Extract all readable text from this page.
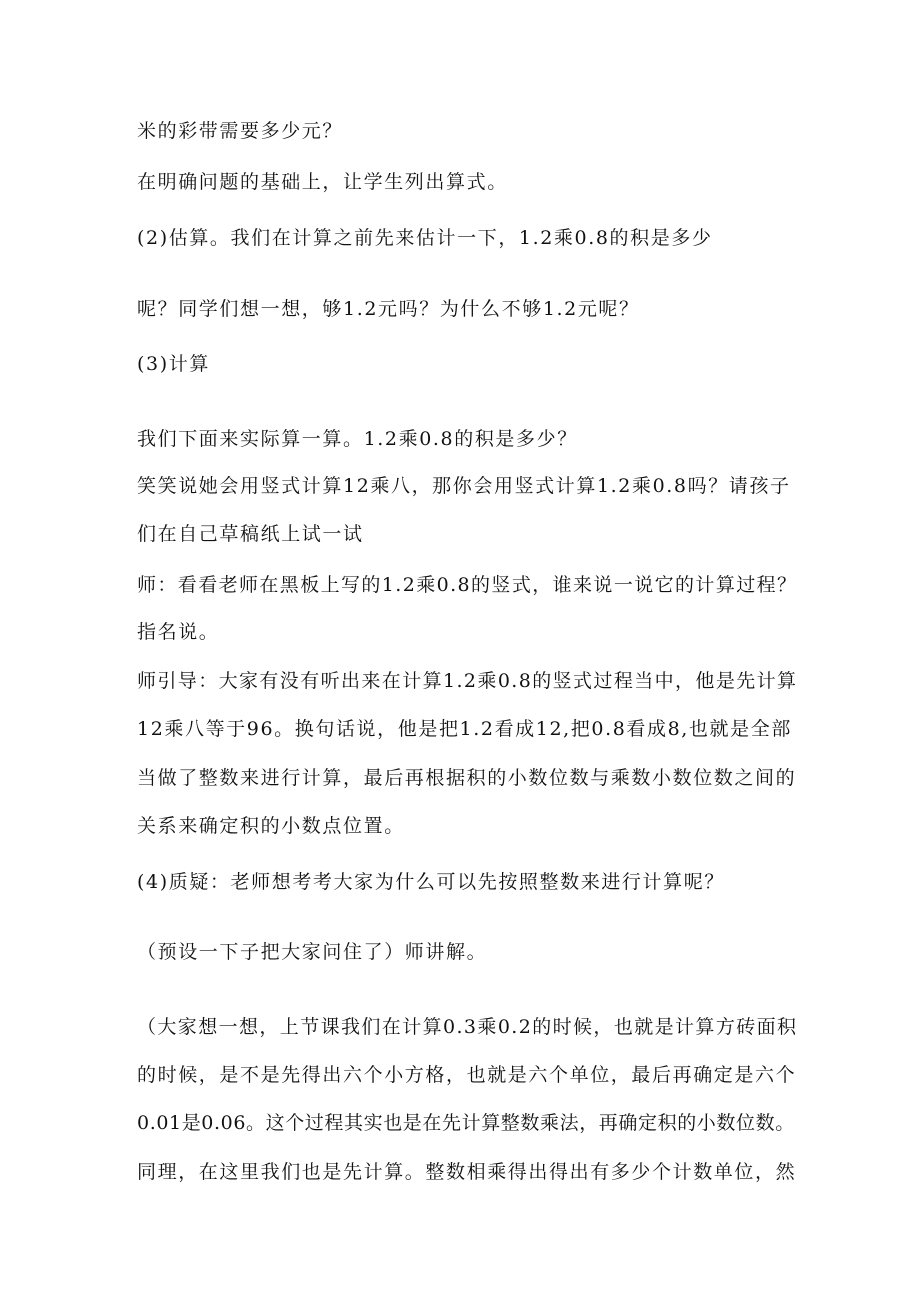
米的彩带需要多少元？
在明确问题的基础上，让学生列出算式。
(2)估算。我们在计算之前先来估计一下，1.2乘0.8的积是多少
呢？同学们想一想，够1.2元吗？为什么不够1.2元呢？
(3)计算
我们下面来实际算一算。1.2乘0.8的积是多少？
笑笑说她会用竖式计算12乘八，那你会用竖式计算1.2乘0.8吗？请孩子
们在自己草稿纸上试一试
师：看看老师在黑板上写的1.2乘0.8的竖式，谁来说一说它的计算过程？
指名说。
师引导：大家有没有听出来在计算1.2乘0.8的竖式过程当中，他是先计算
12乘八等于96。换句话说，他是把1.2看成12,把0.8看成8,也就是全部
当做了整数来进行计算，最后再根据积的小数位数与乘数小数位数之间的
关系来确定积的小数点位置。
(4)质疑：老师想考考大家为什么可以先按照整数来进行计算呢？
（预设一下子把大家问住了）师讲解。
（大家想一想，上节课我们在计算0.3乘0.2的时候，也就是计算方砖面积
的时候，是不是先得出六个小方格，也就是六个单位，最后再确定是六个
0.01是0.06。这个过程其实也是在先计算整数乘法，再确定积的小数位数。
同理，在这里我们也是先计算。整数相乘得出得出有多少个计数单位，然
